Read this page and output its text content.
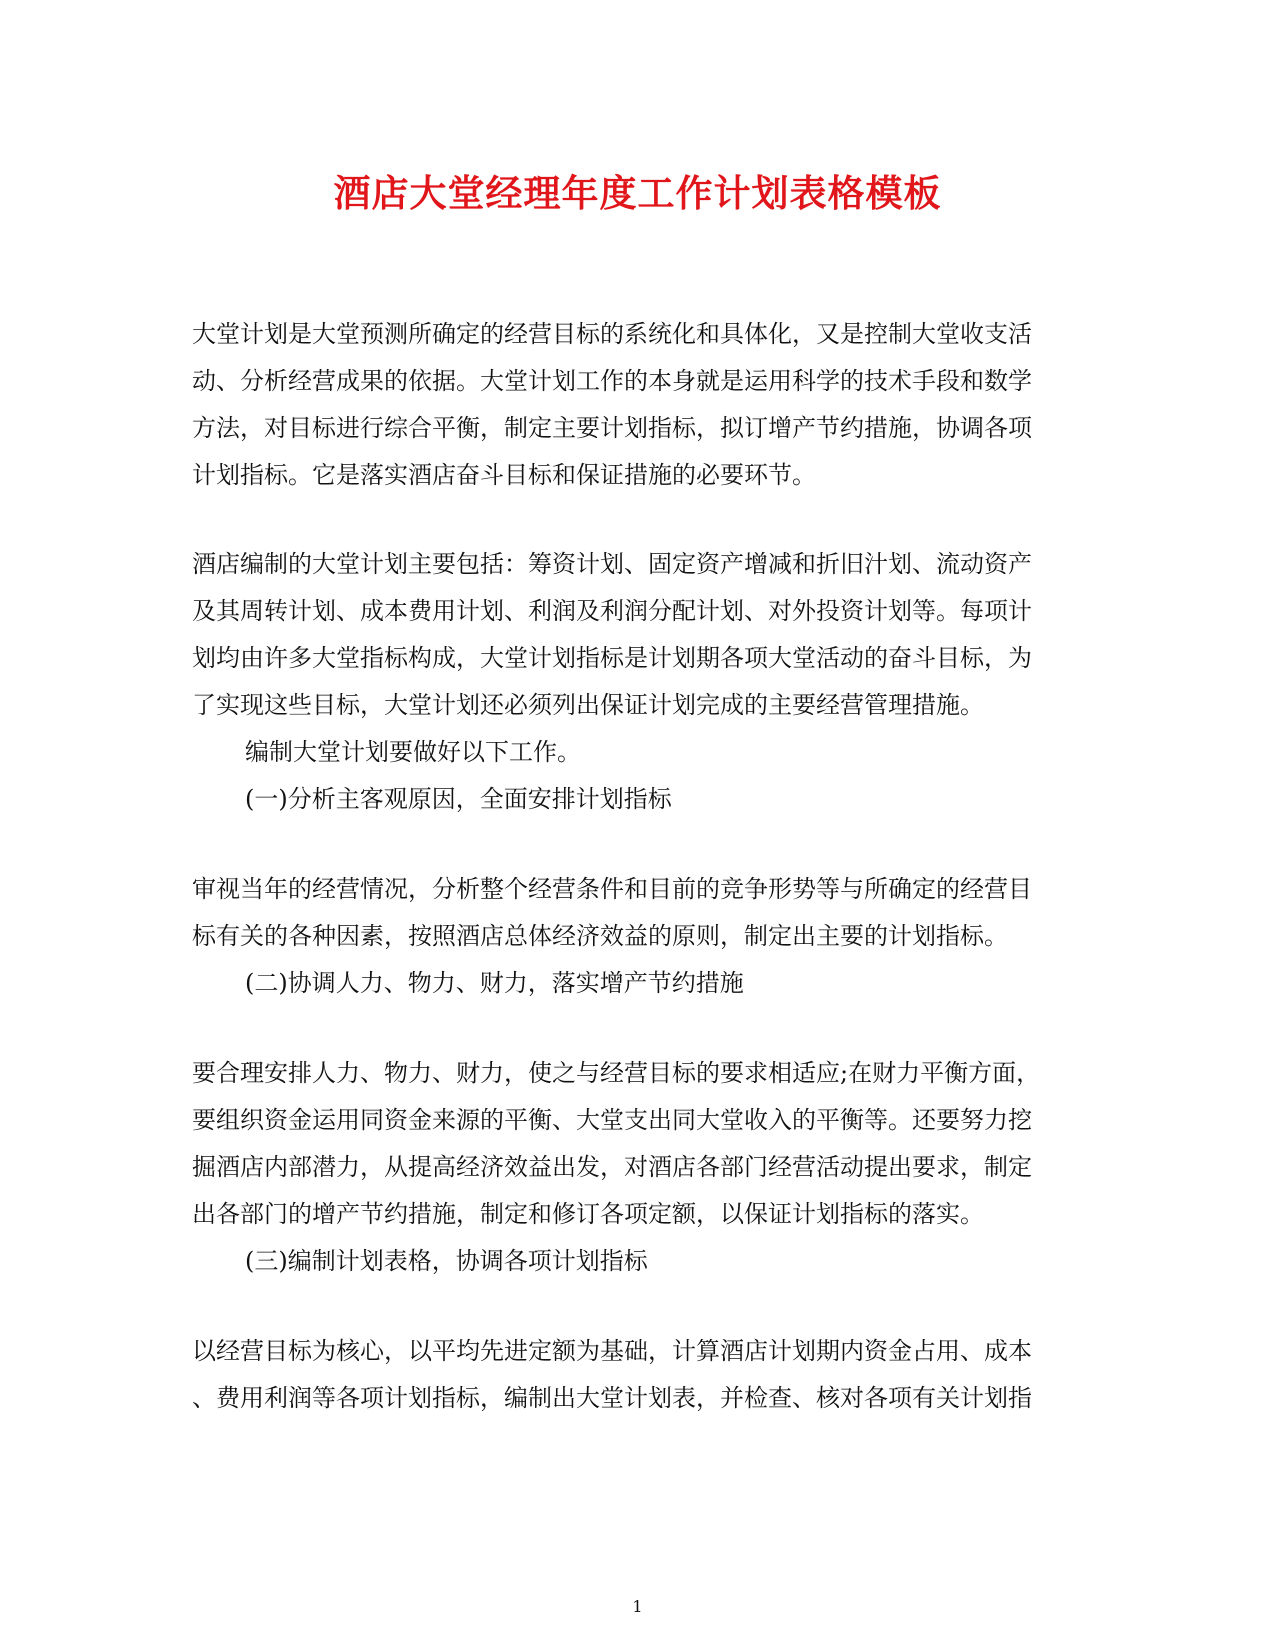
酒店大堂经理年度工作计划表格模板
大堂计划是大堂预测所确定的经营目标的系统化和具体化，又是控制大堂收支活
动、分析经营成果的依据。大堂计划工作的本身就是运用科学的技术手段和数学
方法，对目标进行综合平衡，制定主要计划指标，拟订增产节约措施，协调各项
计划指标。它是落实酒店奋斗目标和保证措施的必要环节。
酒店编制的大堂计划主要包括：筹资计划、固定资产增减和折旧汁划、流动资产
及其周转计划、成本费用计划、利润及利润分配计划、对外投资计划等。每项计
划均由许多大堂指标构成，大堂计划指标是计划期各项大堂活动的奋斗目标，为
了实现这些目标，大堂计划还必须列出保证计划完成的主要经营管理措施。
编制大堂计划要做好以下工作。
(一)分析主客观原因，全面安排计划指标
审视当年的经营情况，分析整个经营条件和目前的竞争形势等与所确定的经营目
标有关的各种因素，按照酒店总体经济效益的原则，制定出主要的计划指标。
(二)协调人力、物力、财力，落实增产节约措施
要合理安排人力、物力、财力，使之与经营目标的要求相适应;在财力平衡方面，
要组织资金运用同资金来源的平衡、大堂支出同大堂收入的平衡等。还要努力挖
掘酒店内部潜力，从提高经济效益出发，对酒店各部门经营活动提出要求，制定
出各部门的增产节约措施，制定和修订各项定额，以保证计划指标的落实。
(三)编制计划表格，协调各项计划指标
以经营目标为核心，以平均先进定额为基础，计算酒店计划期内资金占用、成本
、费用利润等各项计划指标，编制出大堂计划表，并检查、核对各项有关计划指
1
